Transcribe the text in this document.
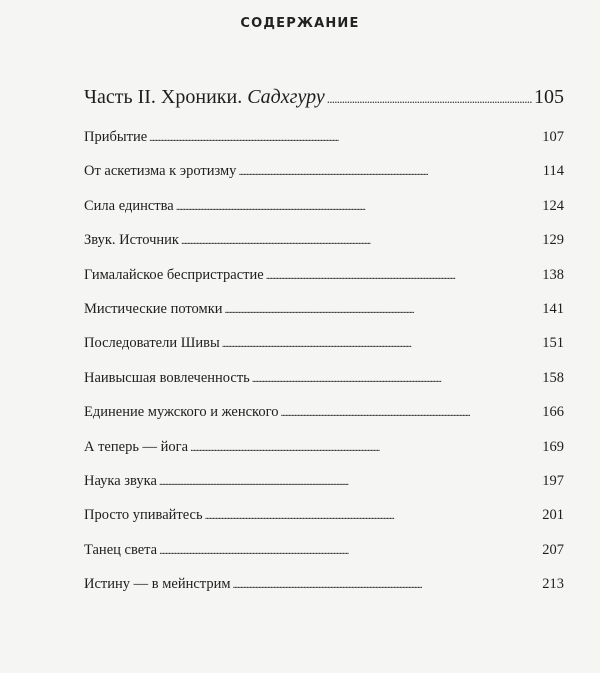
СОДЕРЖАНИЕ
Часть II. Хроники. Садхгуру . . .	105
Прибытие . . .	107
От аскетизма к эротизму . . .	114
Сила единства . . .	124
Звук. Источник . . .	129
Гималайское беспристрастие . . .	138
Мистические потомки . . .	141
Последователи Шивы . . .	151
Наивысшая вовлеченность . . .	158
Единение мужского и женского . . .	166
А теперь — йога . . .	169
Наука звука . . .	197
Просто упивайтесь . . .	201
Танец света . . .	207
Истину — в мейнстрим . . .	213
